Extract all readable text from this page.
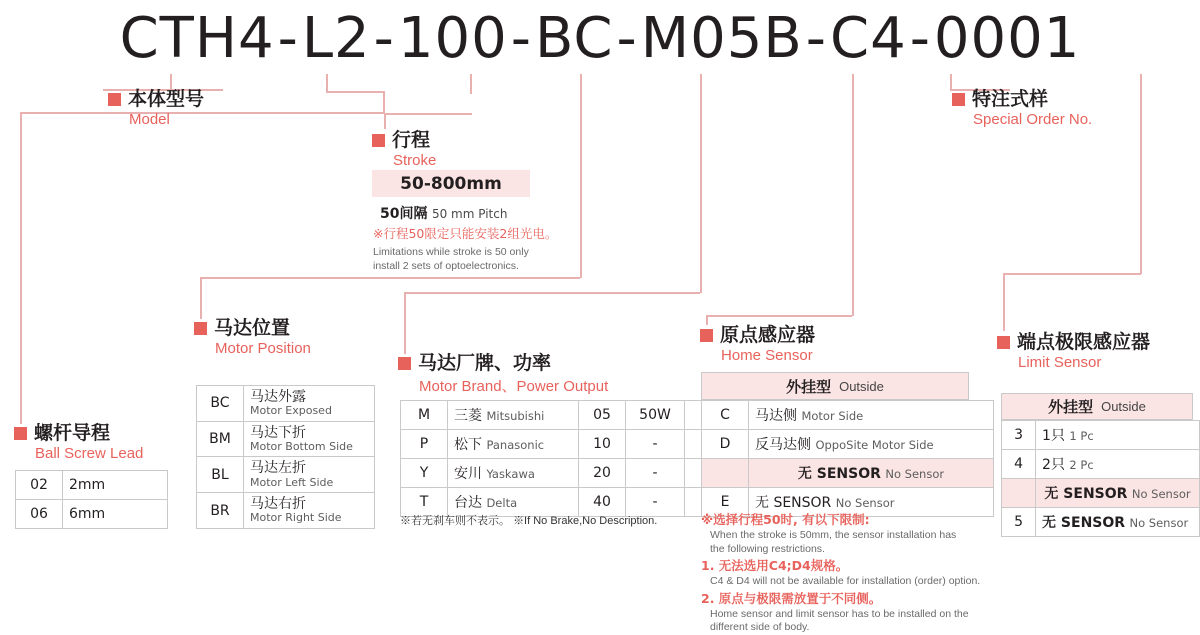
CTH4-L2-100-BC-M05B-C4-0001
本体型号
Model
特注式样
Special Order No.
行程
Stroke
50-800mm
50间隔 50 mm Pitch
※行程50限定只能安装2组光电。
Limitations while stroke is 50 only
install 2 sets of optoelectronics.
螺杆导程
Ball Screw Lead
02	2mm
06	6mm
马达位置
Motor Position
BC	马达外露
Motor Exposed

BM	马达下折
Motor Bottom Side

BL	马达左折
Motor Left Side

BR	马达右折
Motor Right Side
马达厂牌、功率
Motor Brand、Power Output
M	三菱 Mitsubishi	05	50W	
P	松下 Panasonic	10	-	
Y	安川 Yaskawa	20	-	
T	台达 Delta	40	-	
※若无刹车则不表示。 ※If No Brake,No Description.
原点感应器
Home Sensor
外挂型 Outside
C	马达侧 Motor Side
D	反马达侧 OppoSite Motor Side
	无 SENSOR No Sensor
E	无 SENSOR No Sensor
※选择行程50时, 有以下限制:
When the stroke is 50mm, the sensor installation has
the following restrictions.
1. 无法选用C4;D4规格。
C4 & D4 will not be available for installation (order) option.
2. 原点与极限需放置于不同侧。
Home sensor and limit sensor has to be installed on the
different side of body.
端点极限感应器
Limit Sensor
外挂型 Outside
3	1只 1 Pc
4	2只 2 Pc
	无 SENSOR No Sensor
5	无 SENSOR No Sensor
